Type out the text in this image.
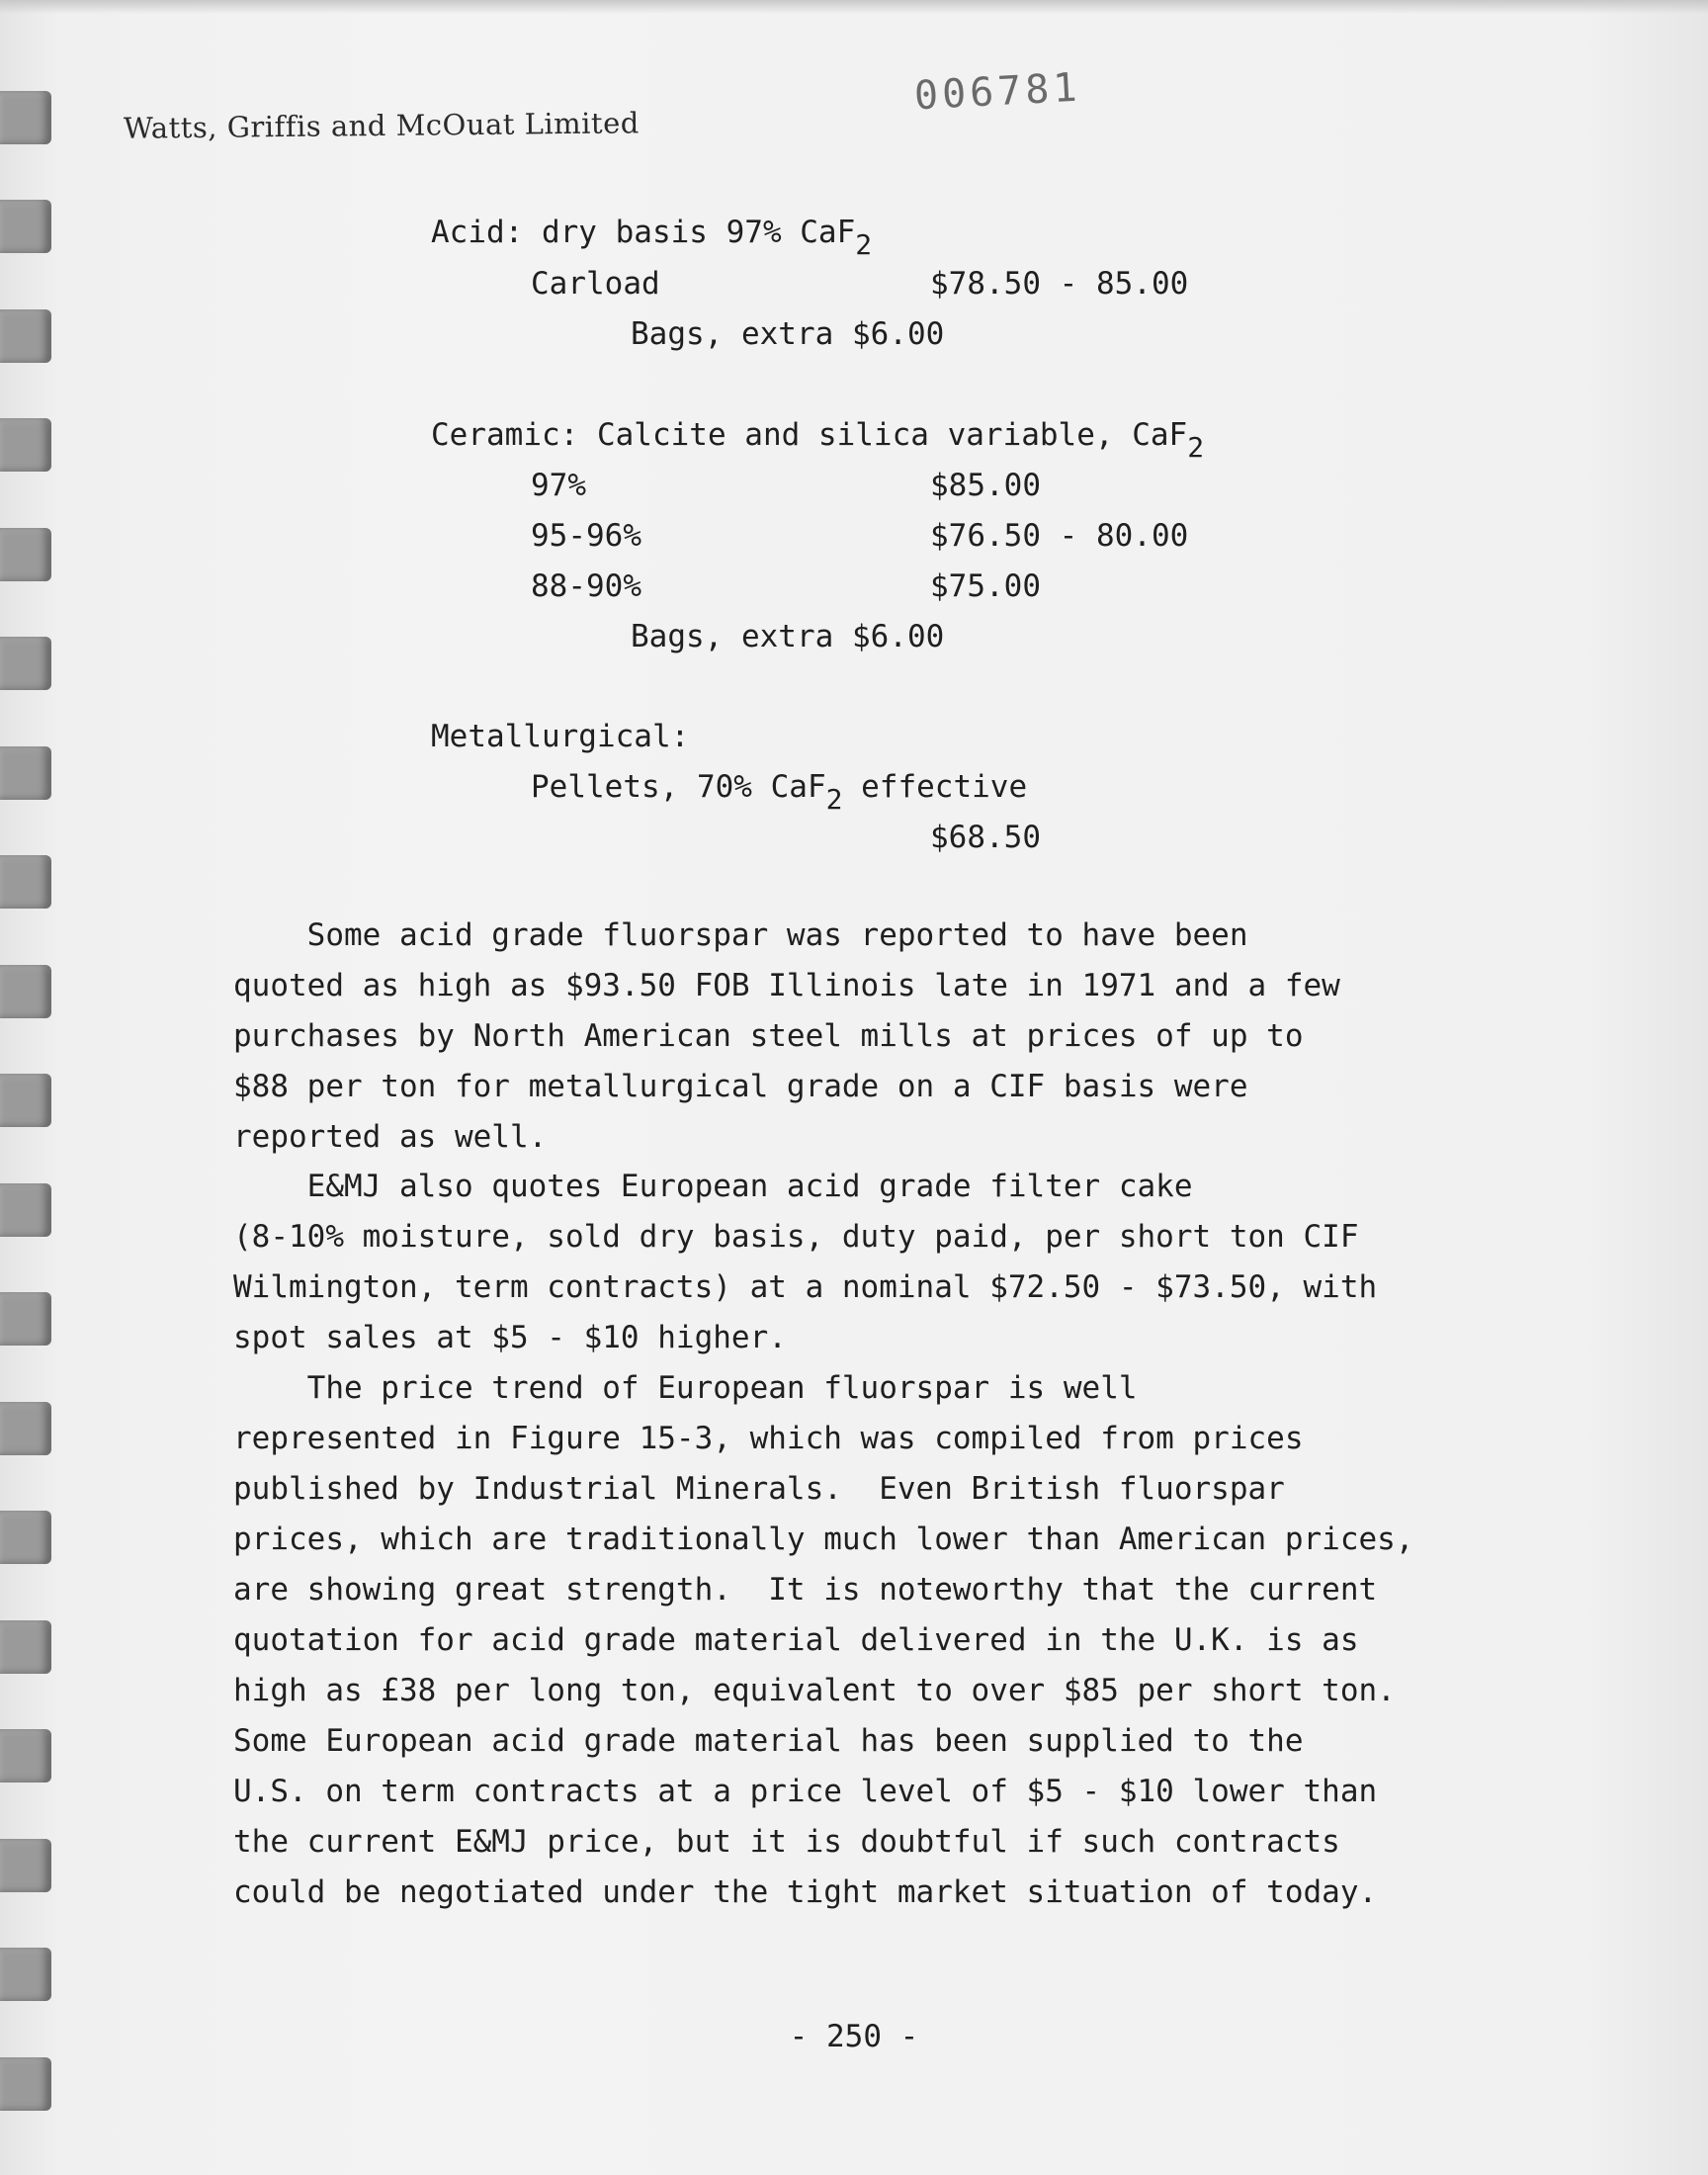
Watts, Griffis and McOuat Limited
006781
Acid: dry basis 97% CaF$_2$
Carload	$78.50 - 85.00
Bags, extra $6.00
Ceramic: Calcite and silica variable, CaF$_2$
97%	$85.00
95-96%	$76.50 - 80.00
88-90%	$75.00
Bags, extra $6.00
Metallurgical:
Pellets, 70% CaF$_2$ effective
$68.50
Some acid grade fluorspar was reported to have been
quoted as high as $93.50 FOB Illinois late in 1971 and a few
purchases by North American steel mills at prices of up to
$88 per ton for metallurgical grade on a CIF basis were
reported as well.
E&MJ also quotes European acid grade filter cake
(8-10% moisture, sold dry basis, duty paid, per short ton CIF
Wilmington, term contracts) at a nominal $72.50 - $73.50, with
spot sales at $5 - $10 higher.
The price trend of European fluorspar is well
represented in Figure 15-3, which was compiled from prices
published by Industrial Minerals.  Even British fluorspar
prices, which are traditionally much lower than American prices,
are showing great strength.  It is noteworthy that the current
quotation for acid grade material delivered in the U.K. is as
high as £38 per long ton, equivalent to over $85 per short ton.
Some European acid grade material has been supplied to the
U.S. on term contracts at a price level of $5 - $10 lower than
the current E&MJ price, but it is doubtful if such contracts
could be negotiated under the tight market situation of today.
- 250 -
